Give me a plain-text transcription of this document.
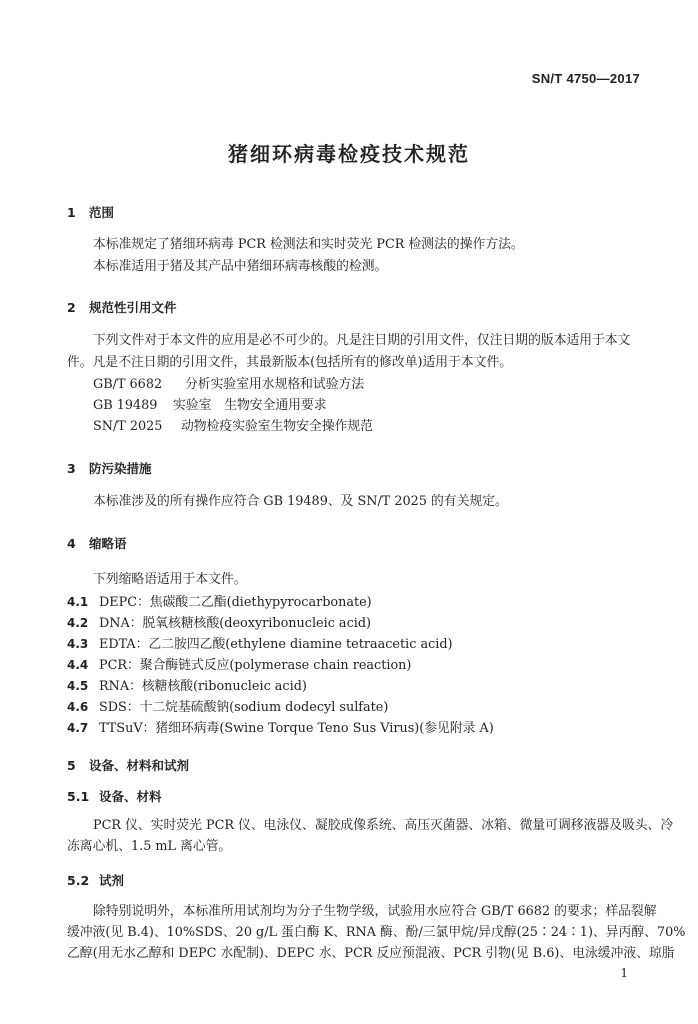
SN/T 4750—2017
猪细环病毒检疫技术规范
1 范围
本标准规定了猪细环病毒 PCR 检测法和实时荧光 PCR 检测法的操作方法。
本标准适用于猪及其产品中猪细环病毒核酸的检测。
2 规范性引用文件
下列文件对于本文件的应用是必不可少的。凡是注日期的引用文件，仅注日期的版本适用于本文
件。凡是不注日期的引用文件，其最新版本(包括所有的修改单)适用于本文件。
GB/T 6682 分析实验室用水规格和试验方法
GB 19489 实验室　生物安全通用要求
SN/T 2025 动物检疫实验室生物安全操作规范
3 防污染措施
本标准涉及的所有操作应符合 GB 19489、及 SN/T 2025 的有关规定。
4 缩略语
下列缩略语适用于本文件。
4.1 DEPC：焦碳酸二乙酯(diethypyrocarbonate)
4.2 DNA：脱氧核糖核酸(deoxyribonucleic acid)
4.3 EDTA：乙二胺四乙酸(ethylene diamine tetraacetic acid)
4.4 PCR：聚合酶链式反应(polymerase chain reaction)
4.5 RNA：核糖核酸(ribonucleic acid)
4.6 SDS：十二烷基硫酸钠(sodium dodecyl sulfate)
4.7 TTSuV：猪细环病毒(Swine Torque Teno Sus Virus)(参见附录 A)
5 设备、材料和试剂
5.1 设备、材料
PCR 仪、实时荧光 PCR 仪、电泳仪、凝胶成像系统、高压灭菌器、冰箱、微量可调移液器及吸头、冷
冻离心机、1.5 mL 离心管。
5.2 试剂
除特别说明外，本标准所用试剂均为分子生物学级，试验用水应符合 GB/T 6682 的要求；样品裂解
缓冲液(见 B.4)、10%SDS、20 g/L 蛋白酶 K、RNA 酶、酚/三氯甲烷/异戊醇(25∶24∶1)、异丙醇、70%
乙醇(用无水乙醇和 DEPC 水配制)、DEPC 水、PCR 反应预混液、PCR 引物(见 B.6)、电泳缓冲液、琼脂
1
